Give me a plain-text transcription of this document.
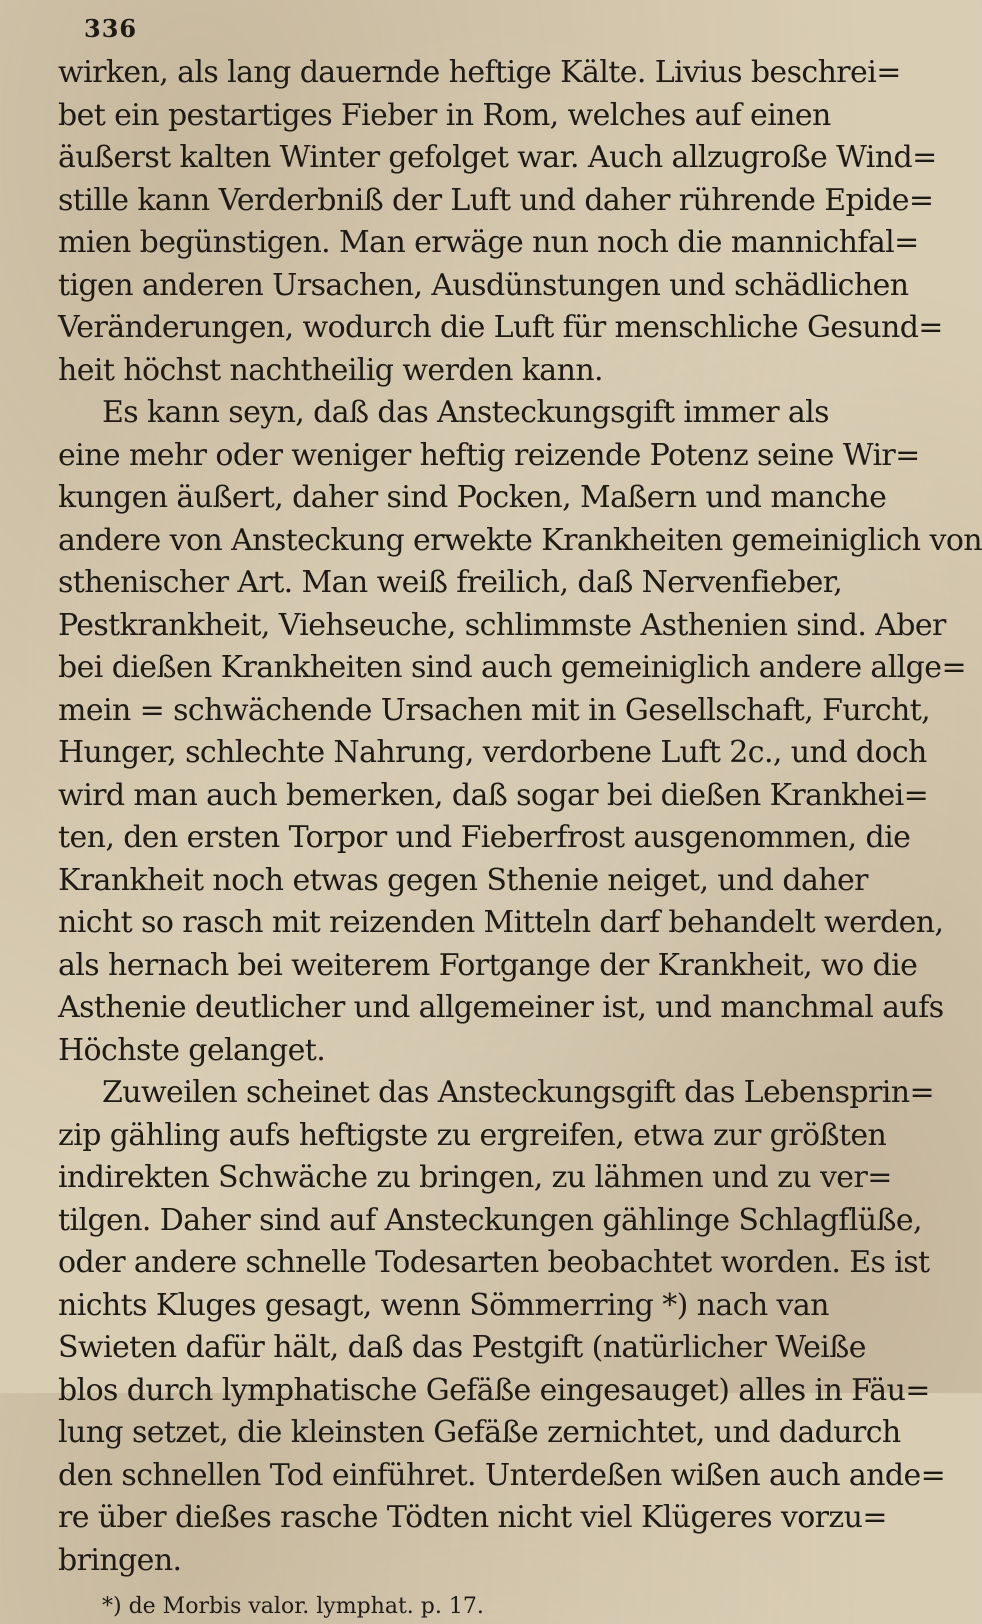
336
wirken, als lang dauernde heftige Kälte. Livius beschrei=
bet ein pestartiges Fieber in Rom, welches auf einen
äußerst kalten Winter gefolget war. Auch allzugroße Wind=
stille kann Verderbniß der Luft und daher rührende Epide=
mien begünstigen. Man erwäge nun noch die mannichfal=
tigen anderen Ursachen, Ausdünstungen und schädlichen
Veränderungen, wodurch die Luft für menschliche Gesund=
heit höchst nachtheilig werden kann.
Es kann seyn, daß das Ansteckungsgift immer als
eine mehr oder weniger heftig reizende Potenz seine Wir=
kungen äußert, daher sind Pocken, Maßern und manche
andere von Ansteckung erwekte Krankheiten gemeiniglich von
sthenischer Art. Man weiß freilich, daß Nervenfieber,
Pestkrankheit, Viehseuche, schlimmste Asthenien sind. Aber
bei dießen Krankheiten sind auch gemeiniglich andere allge=
mein = schwächende Ursachen mit in Gesellschaft, Furcht,
Hunger, schlechte Nahrung, verdorbene Luft 2c., und doch
wird man auch bemerken, daß sogar bei dießen Krankhei=
ten, den ersten Torpor und Fieberfrost ausgenommen, die
Krankheit noch etwas gegen Sthenie neiget, und daher
nicht so rasch mit reizenden Mitteln darf behandelt werden,
als hernach bei weiterem Fortgange der Krankheit, wo die
Asthenie deutlicher und allgemeiner ist, und manchmal aufs
Höchste gelanget.
Zuweilen scheinet das Ansteckungsgift das Lebensprin=
zip gähling aufs heftigste zu ergreifen, etwa zur größten
indirekten Schwäche zu bringen, zu lähmen und zu ver=
tilgen. Daher sind auf Ansteckungen gählinge Schlagflüße,
oder andere schnelle Todesarten beobachtet worden. Es ist
nichts Kluges gesagt, wenn Sömmerring *) nach van
Swieten dafür hält, daß das Pestgift (natürlicher Weiße
blos durch lymphatische Gefäße eingesauget) alles in Fäu=
lung setzet, die kleinsten Gefäße zernichtet, und dadurch
den schnellen Tod einführet. Unterdeßen wißen auch ande=
re über dießes rasche Tödten nicht viel Klügeres vorzu=
bringen.
*) de Morbis valor. lymphat. p. 17.
